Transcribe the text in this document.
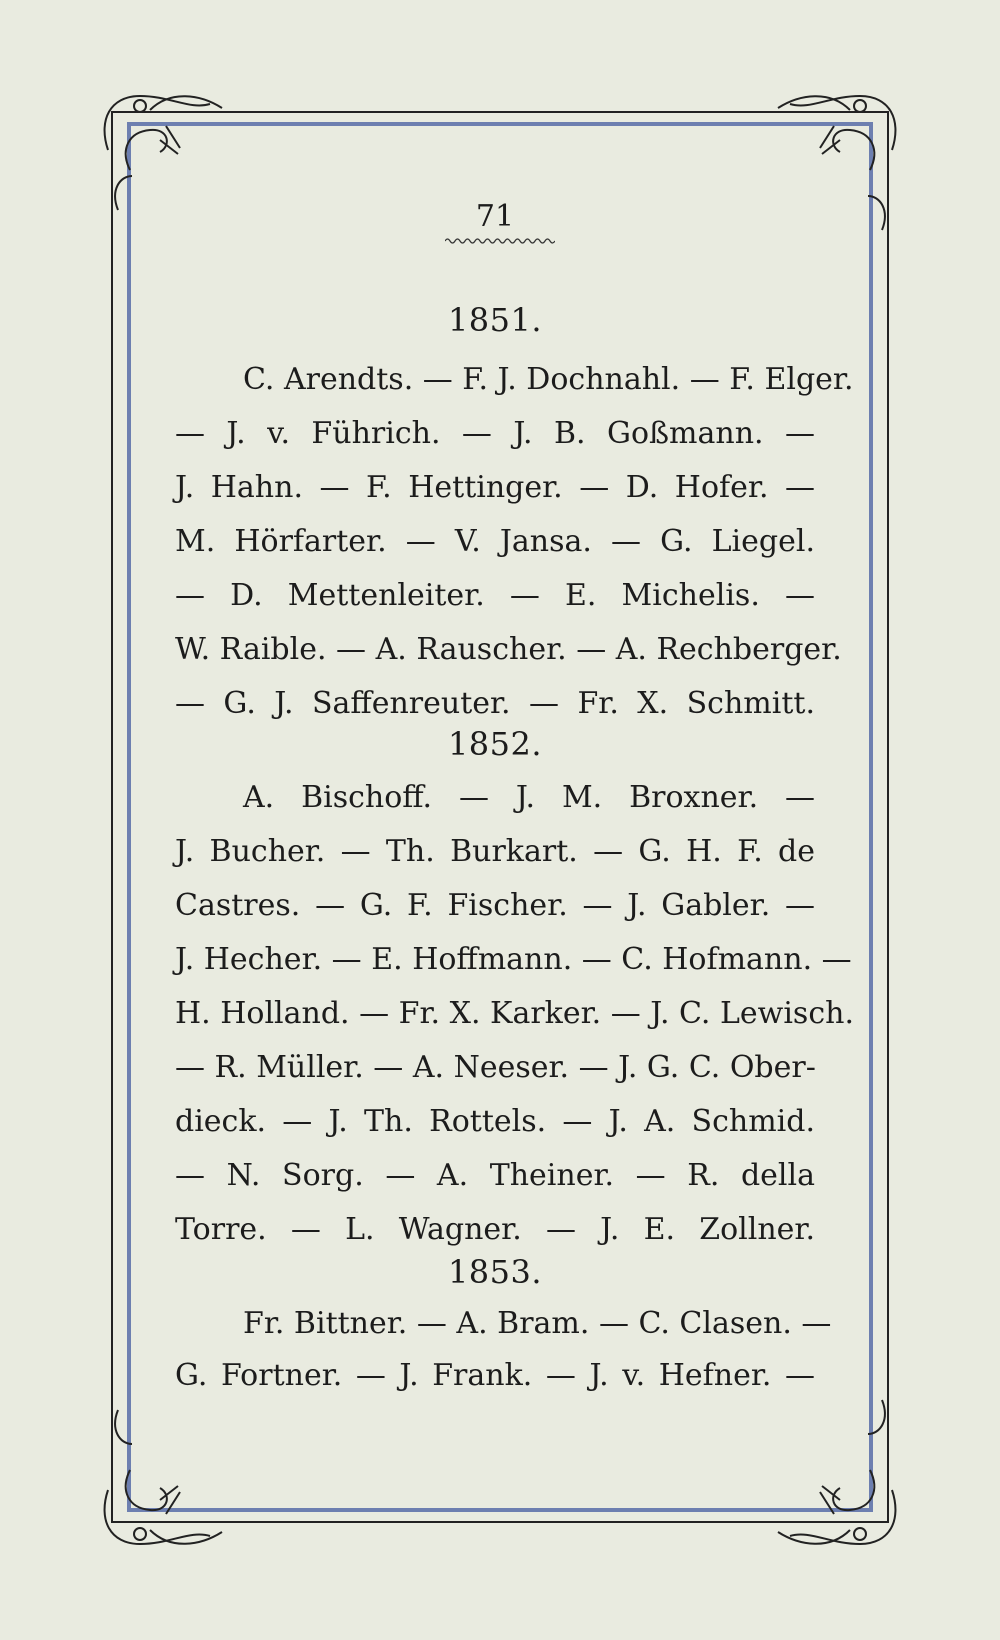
71
1851.
C. Arendts. — F. J. Dochnahl. — F. Elger.
— J. v. Führich. — J. B. Goßmann. —
J. Hahn. — F. Hettinger. — D. Hofer. —
M. Hörfarter. — V. Jansa. — G. Liegel.
— D. Mettenleiter. — E. Michelis. —
W. Raible. — A. Rauscher. — A. Rechberger.
— G. J. Saffenreuter. — Fr. X. Schmitt.
1852.
A. Bischoff. — J. M. Broxner. —
J. Bucher. — Th. Burkart. — G. H. F. de
Castres. — G. F. Fischer. — J. Gabler. —
J. Hecher. — E. Hoffmann. — C. Hofmann. —
H. Holland. — Fr. X. Karker. — J. C. Lewisch.
— R. Müller. — A. Neeser. — J. G. C. Ober-
dieck. — J. Th. Rottels. — J. A. Schmid.
— N. Sorg. — A. Theiner. — R. della
Torre. — L. Wagner. — J. E. Zollner.
1853.
Fr. Bittner. — A. Bram. — C. Clasen. —
G. Fortner. — J. Frank. — J. v. Hefner. —
